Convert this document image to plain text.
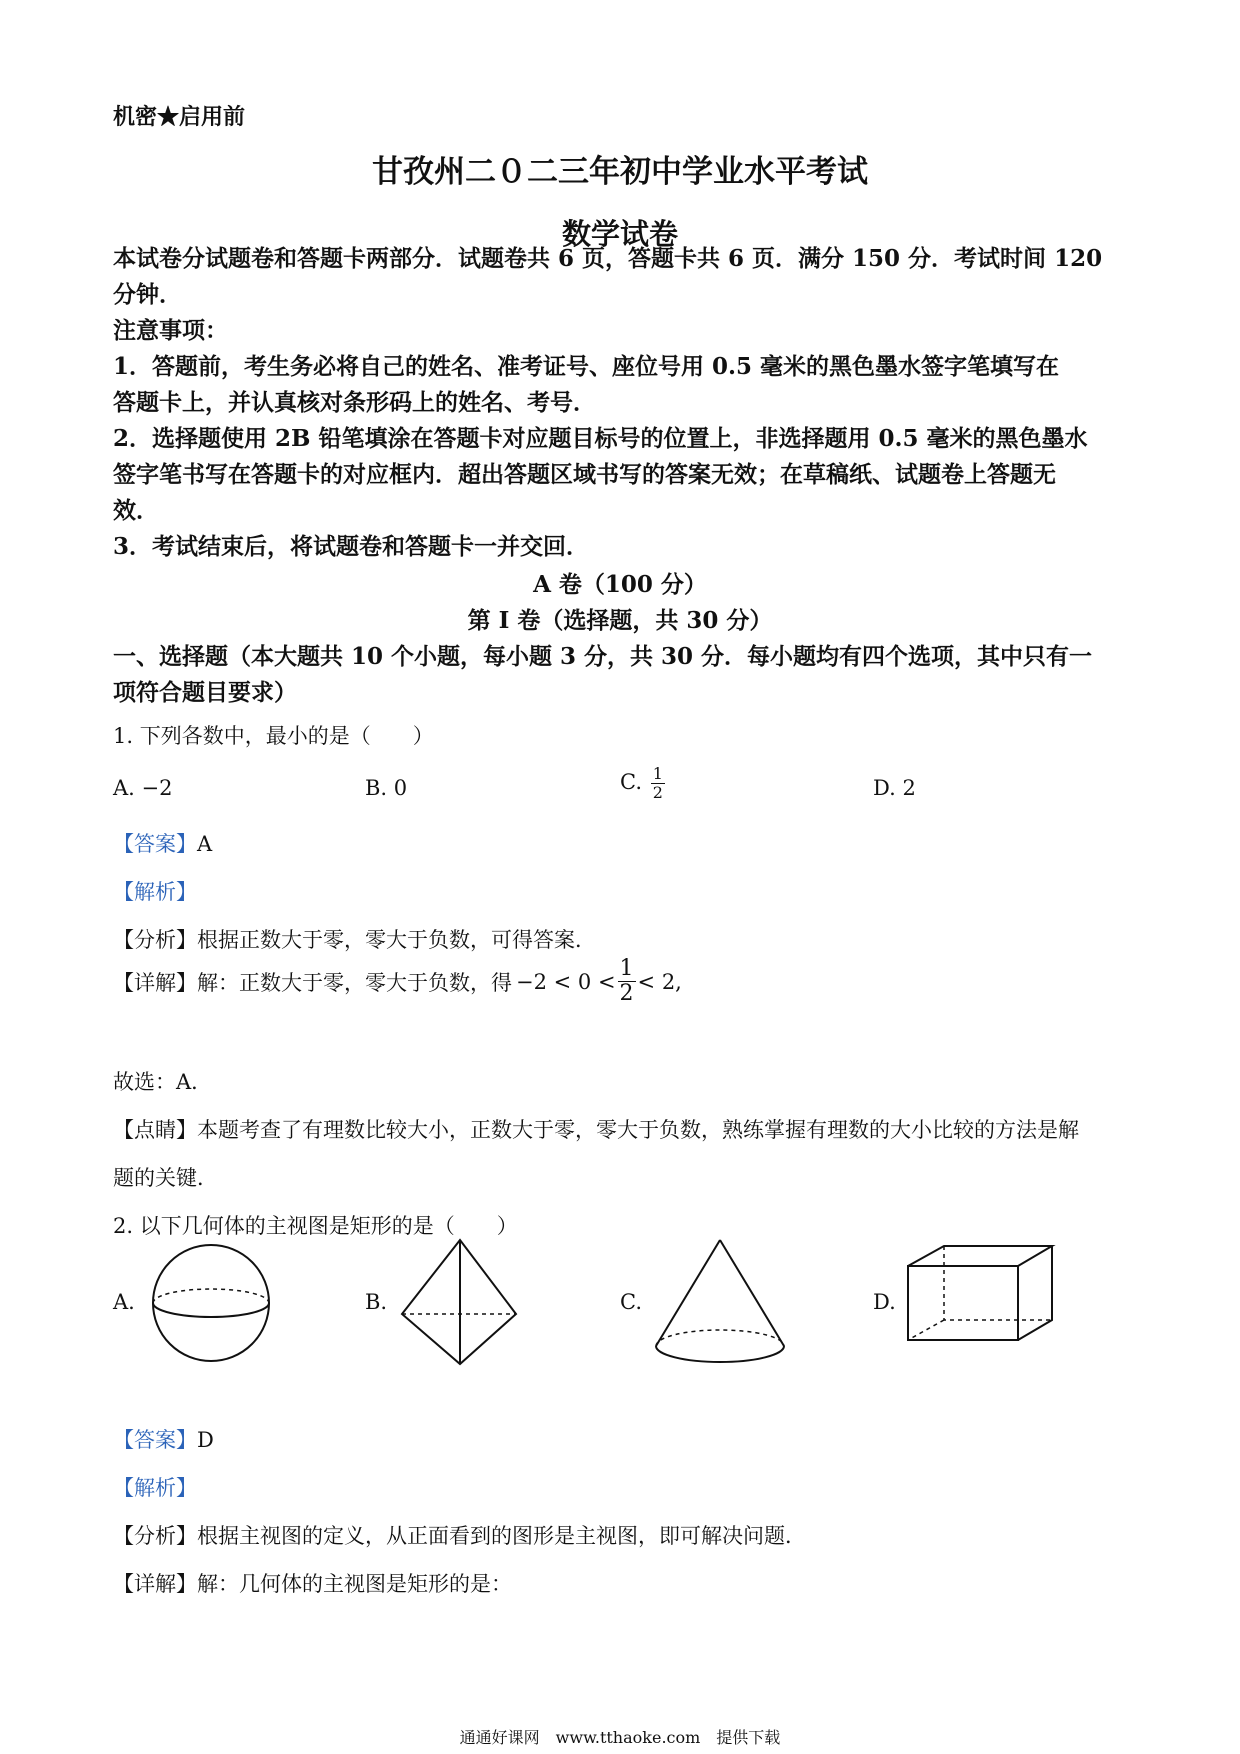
机密★启用前
甘孜州二０二三年初中学业水平考试
数学试卷
本试卷分试题卷和答题卡两部分．试题卷共 6 页，答题卡共 6 页．满分 150 分．考试时间 120
分钟．
注意事项：
1．答题前，考生务必将自己的姓名、准考证号、座位号用 0.5 毫米的黑色墨水签字笔填写在
答题卡上，并认真核对条形码上的姓名、考号．
2．选择题使用 2B 铅笔填涂在答题卡对应题目标号的位置上，非选择题用 0.5 毫米的黑色墨水
签字笔书写在答题卡的对应框内．超出答题区域书写的答案无效；在草稿纸、试题卷上答题无
效．
3．考试结束后，将试题卷和答题卡一并交回．
A 卷（100 分）
第 I 卷（选择题，共 30 分）
一、选择题（本大题共 10 个小题，每小题 3 分，共 30 分．每小题均有四个选项，其中只有一
项符合题目要求）
1. 下列各数中，最小的是（　　）
A. −2	B. 0	C. $\frac{1}{2}$	D. 2
【答案】A
【解析】
【分析】根据正数大于零，零大于负数，可得答案．
【详解】 解：正数大于零，零大于负数，得 $-2 < 0 < \frac{1}{2} < 2$,
故选：A．
【点睛】本题考查了有理数比较大小，正数大于零，零大于负数，熟练掌握有理数的大小比较的方法是解
题的关键．
2. 以下几何体的主视图是矩形的是（　　）
A.	B.	C.	D.
【答案】D
【解析】
【分析】根据主视图的定义，从正面看到的图形是主视图，即可解决问题．
【详解】解：几何体的主视图是矩形的是：
通通好课网　www.tthaoke.com　提供下载
